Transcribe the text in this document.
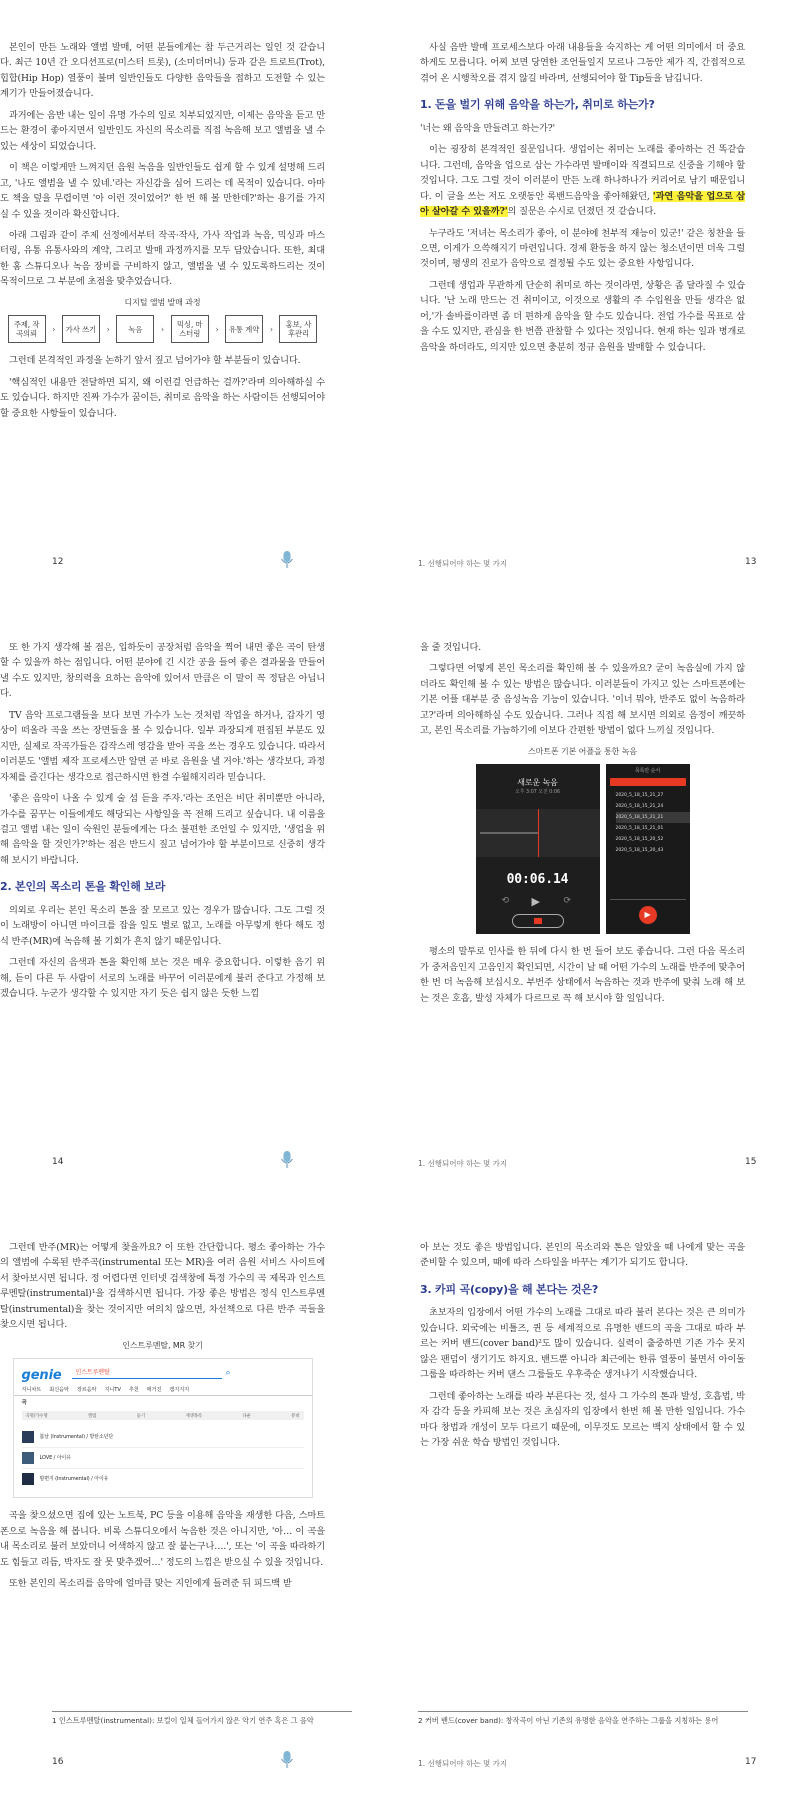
본인이 만든 노래와 앨범 발매, 어떤 분들에게는 참 두근거리는 일인 것 같습니다. 최근 10년 간 오디션프로(미스터 트롯), (소미더머니) 등과 같은 트로트(Trot), 힙합(Hip Hop) 열풍이 불며 일반인들도 다양한 음악들을 접하고 도전할 수 있는 계기가 만들어졌습니다.

과거에는 음반 내는 일이 유명 가수의 일로 치부되었지만, 이제는 음악을 듣고 만드는 환경이 좋아지면서 일반인도 자신의 목소리를 직접 녹음해 보고 앨범을 낼 수 있는 세상이 되었습니다.

이 책은 이렇게만 느껴지던 음원 녹음을 일반인들도 쉽게 할 수 있게 설명해 드리고, '나도 앨범을 낼 수 있네.'라는 자신감을 심어 드리는 데 목적이 있습니다. 아마도 책을 덮을 무렵이면 '아 이런 것이었어?' 한 번 해 볼 만한데?'하는 용기를 가지실 수 있을 것이라 확신합니다.

아래 그림과 같이 주제 선정에서부터 작곡·작사, 가사 작업과 녹음, 믹싱과 마스터링, 유통 유통사와의 계약, 그리고 발매 과정까지를 모두 담았습니다. 또한, 최대한 홈 스튜디오나 녹음 장비를 구비하지 않고, 앨범을 낼 수 있도록하드리는 것이 목적이므로 그 부분에 초점을 맞추었습니다.

디지털 앨범 발매 과정
주제, 작곡의뢰
›	가사 쓰기	›	녹음	›
믹싱, 마스터링
›	유통 계약	›
홍보, 사후관리

그런데 본격적인 과정을 논하기 앞서 짚고 넘어가야 할 부분들이 있습니다.

'핵심적인 내용만 전달하면 되지, 왜 이런걸 언급하는 걸까?'라며 의아해하실 수도 있습니다. 하지만 진짜 가수가 꿈이든, 취미로 음악을 하는 사람이든 선행되어야 할 중요한 사항들이 있습니다.

12

사실 음반 발매 프로세스보다 아래 내용들을 숙지하는 게 어떤 의미에서 더 중요하게도 모릅니다. 어찌 보면 당연한 조언들일지 모르나 그동안 제가 직, 간접적으로 겪어 온 시행착오를 겪지 않길 바라며, 선행되어야 할 Tip들을 남깁니다.

1. 돈을 벌기 위해 음악을 하는가, 취미로 하는가?

'너는 왜 음악을 만들려고 하는가?'

이는 굉장히 본격적인 질문입니다. 생업이는 취미는 노래를 좋아하는 건 똑같습니다. 그런데, 음악을 업으로 삼는 가수라면 발매이와 직결되므로 신중을 기해야 할 것입니다. 그도 그럴 것이 이러분이 만든 노래 하나하나가 커리어로 남기 때문입니다. 이 글을 쓰는 저도 오랫동안 록밴드음악을 좋아해왔던, '과연 음악을 업으로 삼아 살아갈 수 있을까?'의 질문은 수시로 던졌던 것 같습니다.

누구라도 '저녀는 목소리가 좋아, 이 분야에 천부적 재능이 있군!' 같은 칭찬을 들으면, 이게가 으쓱해지기 마련입니다. 경제 환동을 하지 않는 청소년이면 더욱 그럴 것이며, 평생의 진로가 음악으로 결정될 수도 있는 중요한 사항입니다.

그런데 생업과 무관하게 단순히 취미로 하는 것이라면, 상황은 좀 달라질 수 있습니다. '난 노래 만드는 건 취미이고, 이것으로 생활의 주 수입원을 만들 생각은 없어,'가 솔바를이라면 좀 더 편하게 음악을 할 수도 있습니다. 전업 가수를 목표로 삼을 수도 있지만, 관심을 한 번쯤 관찰할 수 있다는 것입니다. 현재 하는 일과 병개로 음악을 하더라도, 의지만 있으면 충분히 정규 음원을 발매할 수 있습니다.

1. 선행되어야 하는 몇 가지	13

또 한 가지 생각해 볼 점은, 입하듯이 공장처럼 음악을 찍어 내면 좋은 곡이 탄생할 수 있을까 하는 점입니다. 어떤 분야에 긴 시간 공을 들여 좋은 결과물을 만들어 낼 수도 있지만, 창의력을 요하는 음악에 있어서 만큼은 이 말이 꼭 정답은 아닙니다.

TV 음악 프로그램들을 보다 보면 가수가 노는 것처럼 작업을 하거나, 갑자기 영상이 떠올라 곡을 쓰는 장면들을 볼 수 있습니다. 일부 과장되게 편집된 부분도 있지만, 실제로 작곡가들은 갑작스레 영감을 받아 곡을 쓰는 경우도 있습니다. 따라서 이러분도 '앨범 제작 프로세스만 알면 곧 바로 음원을 낼 거야.'하는 생각보다, 과정 자체를 즐긴다는 생각으로 접근하시면 한결 수월해지리라 믿습니다.

'좋은 음악이 나올 수 있게 술 섬 듣을 주자.'라는 조언은 비단 취미뿐만 아니라, 가수를 꿈꾸는 이들에게도 해당되는 사항일을 꼭 전해 드리고 싶습니다. 내 이름을 걸고 앨범 내는 일이 숙원인 분들에게는 다소 불편한 조언일 수 있지만, '생업을 위해 음악을 할 것인가?'하는 점은 반드시 짚고 넘어가야 할 부분이므로 신중히 생각해 보시기 바랍니다.

2. 본인의 목소리 톤을 확인해 보라

의외로 우리는 본인 목소리 톤을 잘 모르고 있는 경우가 많습니다. 그도 그럴 것이 노래방이 아니면 마이크를 잡을 일도 별로 없고, 노래를 아무렇게 한다 해도 정식 반주(MR)에 녹음해 볼 기회가 흔치 않기 때문입니다.

그런데 자신의 음색과 톤을 확인해 보는 것은 매우 중요합니다. 이렇한 음기 위해, 듣이 다른 두 사람이 서로의 노래를 바꾸어 이러분에게 불러 준다고 가정해 보겠습니다. 누군가 생각할 수 있지만 자기 듯은 쉽지 않은 듯한 느낌

14

을 줄 것입니다.

그렇다면 어떻게 본인 목소리를 확인해 볼 수 있을까요? 굳이 녹음실에 가지 않더라도 확인해 볼 수 있는 방법은 많습니다. 이러분들이 가지고 있는 스마트폰에는 기본 어플 대부분 중 음성녹음 기능이 있습니다. '이너 뭐야, 반주도 없이 녹음하라고?'라며 의아해하실 수도 있습니다. 그러나 직접 해 보시면 의외로 음정이 깨끗하고, 본인 목소리를 가늠하기에 이보다 간편한 방법이 없다 느끼실 것입니다.

스마트폰 기본 어플을 통한 녹음
새로운 녹음
오후 3:07 오전 0:06
00:06.14
⟲ ▶	⟳
목록만 순서
2020_5_18_15_21_27
2020_5_18_15_21_24
2020_5_18_15_21_21
2020_5_18_15_21_01
2020_5_18_15_20_52
2020_5_18_15_20_43
▶

평소의 말투로 인사를 한 뒤에 다시 한 번 들어 보도 좋습니다. 그런 다음 목소리가 중저음인지 고음인지 확인되면, 시간이 날 때 어떤 가수의 노래를 반주에 맞추어 한 번 더 녹음해 보십시오. 부번주 상태에서 녹음하는 것과 반주에 맞춰 노래 해 보는 것은 호흡, 발성 자체가 다르므로 꼭 해 보시야 할 일입니다.

1. 선행되어야 하는 몇 가지	15

그런데 반주(MR)는 어떻게 찾을까요? 이 또한 간단합니다. 평소 좋아하는 가수의 앨범에 수록된 반주곡(instrumental 또는 MR)을 여러 음원 서비스 사이트에서 찾아보시면 됩니다. 정 어렵다면 인터넷 검색창에 특정 가수의 곡 제목과 인스트루멘탈(instrumental)¹을 검색하시면 됩니다. 가장 좋은 방법은 정식 인스트루멘탈(instrumental)을 찾는 것이지만 여의치 않으면, 차선책으로 다른 반주 곡들을 찾으시면 됩니다.

인스트루멘탈, MR 찾기
genie	인스트루멘탈	⌕
지니차트 최신음악 장르음악 지니TV 추천 매거진 캠지지지
곡
곡명/가수명	앨범	듣기	재생목록	다운	뮤비
봄날 (Instrumental) / 방탄소년단
LOVE / 아이유
밤편지 (Instrumental) / 아이유

곡을 찾으셨으면 집에 있는 노트북, PC 등을 이용해 음악을 재생한 다음, 스마트폰으로 녹음을 해 봅니다. 비록 스튜디오에서 녹음한 것은 아니지만, '아… 이 곡을 내 목소리로 불러 보았더니 어색하지 않고 잘 붙는구나….', 또는 '이 곡을 따라하기도 힘들고 리듬, 박자도 잘 못 맞추겠어…' 정도의 느낌은 받으실 수 있을 것입니다.

또한 본인의 목소리를 음악에 얼마큼 맞는 지인에게 들려준 뒤 피드백 받

1 인스트루멘탈(instrumental): 보컬이 일체 들어가지 않은 악기 연주 혹은 그 음악
16

아 보는 것도 좋은 방법입니다. 본인의 목소리와 톤은 알았을 때 나에게 맞는 곡을 준비할 수 있으며, 때에 따라 스타일을 바꾸는 계기가 되기도 합니다.

3. 카피 곡(copy)을 해 본다는 것은?

초보자의 입장에서 어떤 가수의 노래를 그대로 따라 불러 본다는 것은 큰 의미가 있습니다. 외국에는 비틀즈, 퀸 등 세계적으로 유명한 밴드의 곡을 그대로 따라 부르는 커버 밴드(cover band)²도 많이 있습니다. 실력이 출중하면 기존 가수 못지 않은 팬덤이 생기기도 하지요. 밴드뿐 아니라 최근에는 한류 열풍이 불면서 아이돌 그룹을 따라하는 커버 댄스 그룹들도 우후죽순 생겨나기 시작했습니다.

그런데 좋아하는 노래를 따라 부른다는 것, 설사 그 가수의 톤과 발성, 호흡법, 박자 감각 등을 카피해 보는 것은 초심자의 입장에서 한번 해 볼 만한 일입니다. 가수마다 창법과 개성이 모두 다르기 때문에, 이무것도 모르는 백지 상태에서 할 수 있는 가장 쉬운 학습 방법인 것입니다.

2 커버 밴드(cover band): 창작곡이 아닌 기존의 유명한 음악을 연주하는 그룹을 지칭하는 용어
1. 선행되어야 하는 몇 가지	17
